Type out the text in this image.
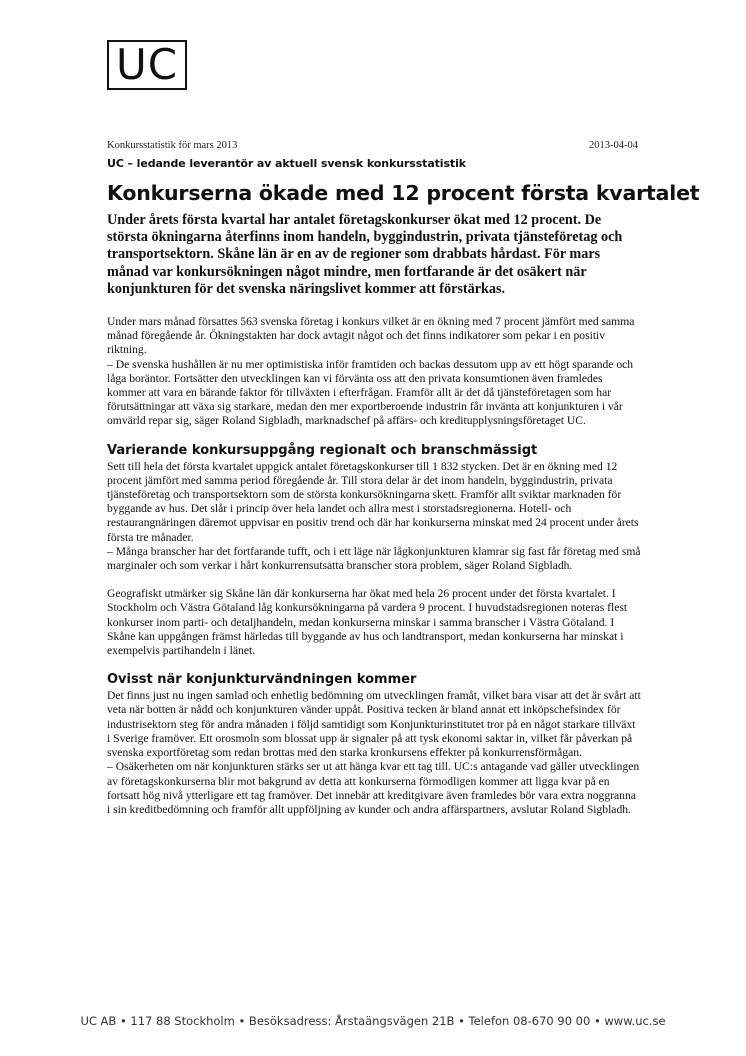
UC
Konkursstatistik för mars 2013	2013-04-04
UC – ledande leverantör av aktuell svensk konkursstatistik
Konkurserna ökade med 12 procent första kvartalet

Under årets första kvartal har antalet företagskonkurser ökat med 12 procent. De största ökningarna återfinns inom handeln, byggindustrin, privata tjänsteföretag och transportsektorn. Skåne län är en av de regioner som drabbats hårdast. För mars månad var konkursökningen något mindre, men fortfarande är det osäkert när konjunkturen för det svenska näringslivet kommer att förstärkas.

Under mars månad försattes 563 svenska företag i konkurs vilket är en ökning med 7 procent jämfört med samma månad föregående år. Ökningstakten har dock avtagit något och det finns indikatorer som pekar i en positiv riktning.

– De svenska hushållen är nu mer optimistiska inför framtiden och backas dessutom upp av ett högt sparande och låga boräntor. Fortsätter den utvecklingen kan vi förvänta oss att den privata konsumtionen även framledes kommer att vara en bärande faktor för tillväxten i efterfrågan. Framför allt är det då tjänsteföretagen som har förutsättningar att växa sig starkare, medan den mer exportberoende industrin får invänta att konjunkturen i vår omvärld repar sig, säger Roland Sigbladh, marknadschef på affärs- och kreditupplysningsföretaget UC.

Varierande konkursuppgång regionalt och branschmässigt

Sett till hela det första kvartalet uppgick antalet företagskonkurser till 1 832 stycken. Det är en ökning med 12 procent jämfört med samma period föregående år. Till stora delar är det inom handeln, byggindustrin, privata tjänsteföretag och transportsektorn som de största konkursökningarna skett. Framför allt sviktar marknaden för byggande av hus. Det slår i princip över hela landet och allra mest i storstadsregionerna. Hotell- och restaurangnäringen däremot uppvisar en positiv trend och där har konkurserna minskat med 24 procent under årets första tre månader.

– Många branscher har det fortfarande tufft, och i ett läge när lågkonjunkturen klamrar sig fast får företag med små marginaler och som verkar i hårt konkurrensutsatta branscher stora problem, säger Roland Sigbladh.

Geografiskt utmärker sig Skåne län där konkurserna har ökat med hela 26 procent under det första kvartalet. I Stockholm och Västra Götaland låg konkursökningarna på vardera 9 procent. I huvudstadsregionen noteras flest konkurser inom parti- och detaljhandeln, medan konkurserna minskar i samma branscher i Västra Götaland. I Skåne kan uppgången främst härledas till byggande av hus och landtransport, medan konkurserna har minskat i exempelvis partihandeln i länet.

Ovisst när konjunkturvändningen kommer

Det finns just nu ingen samlad och enhetlig bedömning om utvecklingen framåt, vilket bara visar att det är svårt att veta när botten är nådd och konjunkturen vänder uppåt. Positiva tecken är bland annat ett inköpschefsindex för industrisektorn steg för andra månaden i följd samtidigt som Konjunkturinstitutet tror på en något starkare tillväxt i Sverige framöver. Ett orosmoln som blossat upp är signaler på att tysk ekonomi saktar in, vilket får påverkan på svenska exportföretag som redan brottas med den starka kronkursens effekter på konkurrensförmågan.

– Osäkerheten om när konjunkturen stärks ser ut att hänga kvar ett tag till. UC:s antagande vad gäller utvecklingen av företagskonkurserna blir mot bakgrund av detta att konkurserna förmodligen kommer att ligga kvar på en fortsatt hög nivå ytterligare ett tag framöver. Det innebär att kreditgivare även framledes bör vara extra noggranna i sin kreditbedömning och framför allt uppföljning av kunder och andra affärspartners, avslutar Roland Sigbladh.

UC AB • 117 88 Stockholm • Besöksadress: Årstaängsvägen 21B • Telefon 08-670 90 00 • www.uc.se
